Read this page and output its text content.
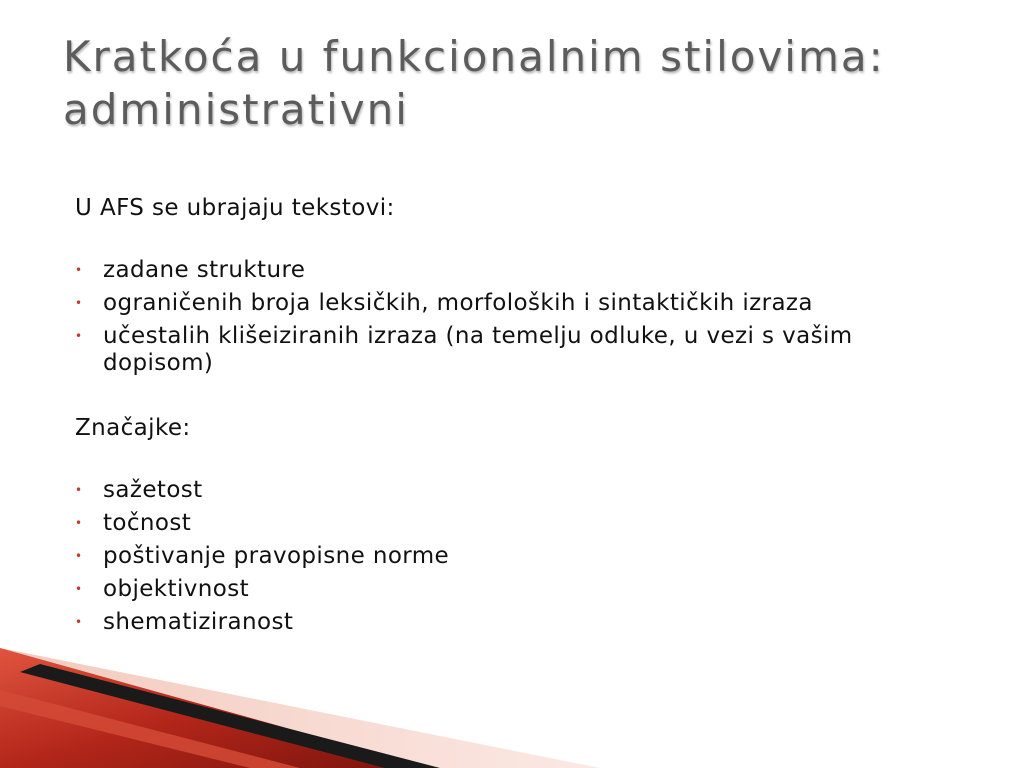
Kratkoća u funkcionalnim stilovima: administrativni

U AFS se ubrajaju tekstovi:

• zadane strukture
• ograničenih broja leksičkih, morfoloških i sintaktičkih izraza
• učestalih klišeiziranih izraza (na temelju odluke, u vezi s vašim dopisom)

Značajke:

• sažetost
• točnost
• poštivanje pravopisne norme
• objektivnost
• shematiziranost
